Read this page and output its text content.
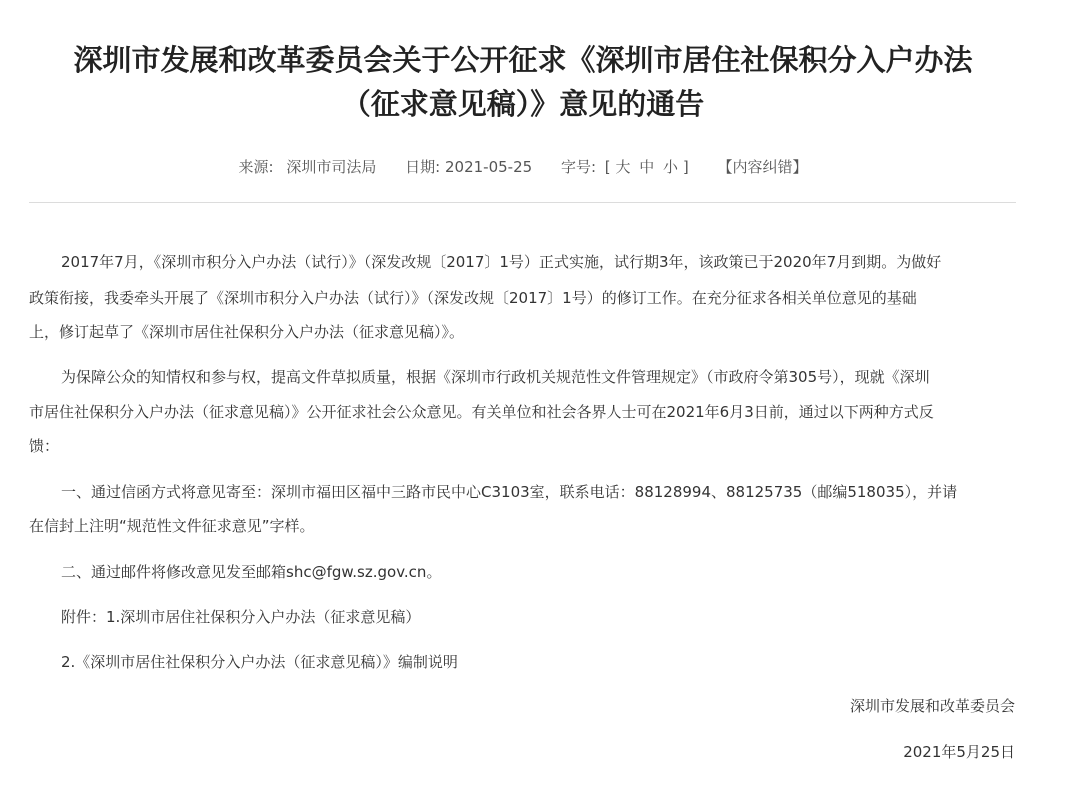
深圳市发展和改革委员会关于公开征求《深圳市居住社保积分入户办法
（征求意见稿）》意见的通告
来源: 深圳市司法局 日期: 2021-05-25 字号: [ 大 中 小 ] 【内容纠错】
2017年7月，《深圳市积分入户办法（试行）》（深发改规〔2017〕1号）正式实施，试行期3年，该政策已于2020年7月到期。为做好
政策衔接，我委牵头开展了《深圳市积分入户办法（试行）》（深发改规〔2017〕1号）的修订工作。在充分征求各相关单位意见的基础
上，修订起草了《深圳市居住社保积分入户办法（征求意见稿）》。
为保障公众的知情权和参与权，提高文件草拟质量，根据《深圳市行政机关规范性文件管理规定》（市政府令第305号），现就《深圳
市居住社保积分入户办法（征求意见稿）》公开征求社会公众意见。有关单位和社会各界人士可在2021年6月3日前，通过以下两种方式反
馈：
一、通过信函方式将意见寄至：深圳市福田区福中三路市民中心C3103室，联系电话：88128994、88125735（邮编518035），并请
在信封上注明“规范性文件征求意见”字样。
二、通过邮件将修改意见发至邮箱shc@fgw.sz.gov.cn。
附件：1.深圳市居住社保积分入户办法（征求意见稿）
2.《深圳市居住社保积分入户办法（征求意见稿）》编制说明
深圳市发展和改革委员会
2021年5月25日
